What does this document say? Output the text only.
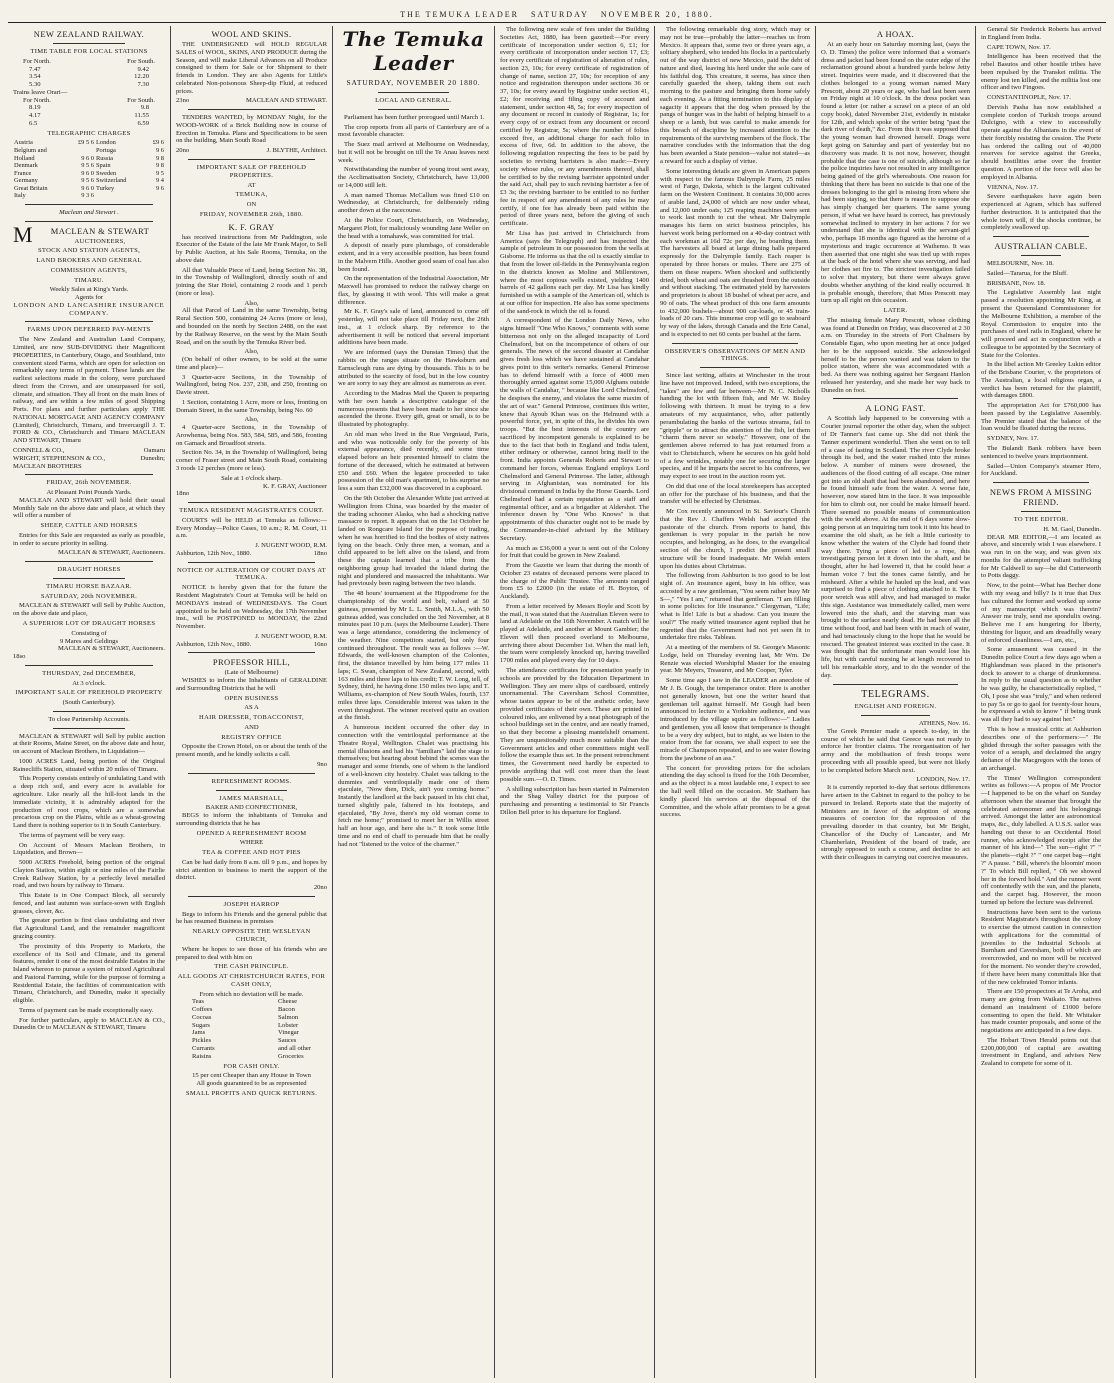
THE TEMUKA LEADER SATURDAY NOVEMBER 20, 1880.
NEW ZEALAND RAILWAY.
TIME TABLE FOR LOCAL STATIONS
For North.	For South.
7.47	9.42
3.54	12.20
5.30	7.30
Trains leave Orari—
For North.	For South.
8.19	9.8
4.17	11.55
6.5	6.59
TELEGRAPHIC CHARGES
Austria	£9 5 6	London	£9 6
Belgium and		Portuga	9 6
Holland	9 6 0	Russia	9 8
Denmark	9 5 6	Spain	9 8
France	9 6 0	Sweden	9 5
Germany	9 5 6	Switzerland	9 4
Great Britain	9 6 0	Turkey	9 6
Italy	9 3 6		
Maclean and Stewart .
M MACLEAN & STEWART
AUCTIONEERS,
STOCK AND STATION AGENTS,
LAND BROKERS AND GENERAL
COMMISSION AGENTS,
TIMARU.
Weekly Sales at King's Yards.
Agents for
LONDON AND LANCASHIRE INSURANCE COMPANY.
FARMS UPON DEFERRED PAY-MENTS

The New Zealand and Australian Land Company, Limited, are now SUB-DIVIDING their Magnificent PROPERTIES, in Canterbury, Otago, and Southland, into convenient sized Farms, which are open for selection on remarkably easy terms of payment. These lands are the earliest selections made in the colony, were purchased direct from the Crown, and are unsurpassed for soil, climate, and situation. They all front on the main lines of railway, and are within a few miles of good Shipping Ports. For plans and further particulars apply THE NATIONAL MORTGAGE AND AGENCY COMPANY (Limited), Christchurch, Timaru, and Invercargill J. T. FORD & CO., Christchurch and Timaru MACLEAN AND STEWART, Timaru

CONNELL & CO.,	Oamaru
WRIGHT, STEPHENSON & CO.,	Dunedin;
MACLEAN BROTHERS
FRIDAY, 26th NOVEMBER.
At Pleasant Point Pounds Yards.

MACLEAN AND STEWART will hold their usual Monthly Sale on the above date and place, at which they will offer a number of

SHEEP, CATTLE AND HORSES

Entries for this Sale are requested as early as possible, in order to secure priority in selling.

MACLEAN & STEWART, Auctioneers.
DRAUGHT HORSES
TIMARU HORSE BAZAAR.
SATURDAY, 20th NOVEMBER.

MACLEAN & STEWART will Sell by Public Auction, on the above date and place,

A SUPERIOR LOT OF DRAUGHT HORSES
Consisting of
9 Mares and Geldings
MACLEAN & STEWART, Auctioneers.
18so
THURSDAY, 2nd DECEMBER,
At 3 o'clock.
IMPORTANT SALE OF FREEHOLD PROPERTY
(South Canterbury).
To close Partnership Accounts.

MACLEAN & STEWART will Sell by public auction at their Rooms, Maine Street, on the above date and hour, on account of Maclean Brothers, in Liquidation—

1000 ACRES Land, being portion of the Original Rainecliffs Station, situated within 20 miles of Timaru.

This Property consists entirely of undulating Land with a deep rich soil, and every acre is available for agriculture. Like nearly all the hill-foot lands in the immediate vicinity, it is admirably adapted for the production of root crops, which are a somewhat precarious crop on the Plains, while as a wheat-growing Land there is nothing superior to it in South Canterbury.

The terms of payment will be very easy.

On Account of Messrs Maclean Brothers, in Liquidation, and Brown—

5000 ACRES Freehold, being portion of the original Clayton Station, within eight or nine miles of the Fairlie Creek Railway Station, by a perfectly level metalled road, and two hours by railway to Timaru.

This Estate is in One Compact Block, all securely fenced, and last autumn was surface-sown with English grasses, clover, &c.

The greater portion is first class undulating and river flat Agricultural Land, and the remainder magnificent grazing country.

The proximity of this Property to Markets, the excellence of its Soil and Climate, and its general features, render it one of the most desirable Estates in the Island whereon to pursue a system of mixed Agricultural and Pastoral Farming, while for the purpose of forming a Residential Estate, the facilities of communication with Timaru, Christchurch, and Dunedin, make it specially eligible.

Terms of payment can be made exceptionally easy.

For further particulars, apply to MACLEAN & CO., Dunedin Or to MACLEAN & STEWART, Timaru

WOOL AND SKINS.

THE UNDERSIGNED will HOLD REGULAR SALES of WOOL, SKINS, AND PRODUCE during the Season, and will make Liberal Advances on all Produce consigned to them for Sale or for Shipment to their friends in London. They are also Agents for Little's celebrated Non-poisonous Sheep-dip Fluid, at reduced prices.

23no	MACLEAN AND STEWART.

TENDERS WANTED, by MONDAY Night, for the WOOD-WORK of a Brick Building now in course of Erection in Temuka. Plans and Specifications to be seen on the building, Main South Road

20no	J. BLYTHE, Architect.
IMPORTANT SALE OF FREEHOLD PROPERTIES.
AT
TEMUKA,
ON
FRIDAY, NOVEMBER 26th, 1880.
K. F. GRAY

has received instructions from Mr Paddington, sole Executor of the Estate of the late Mr Frank Major, to Sell by Public Auction, at his Sale Rooms, Temuka, on the above date

All that Valuable Piece of Land, being Section No. 38, in the Township of Wallingford, directly south of and joining the Star Hotel, containing 2 roods and 1 perch (more or less).

Also,

All that Parcel of Land in the same Township, being Rural Section 500, containing 24 Acres (more or less), and bounded on the north by Section 2488, on the east by the Railway Reserve, on the west by the Main South Road, and on the south by the Temuka River bed.

Also,

(On behalf of other owners, to be sold at the same time and place)—

3 Quarter-acre Sections, in the Township of Wallingford, being Nos. 237, 238, and 250, fronting on Davie street.

1 Section, containing 1 Acre, more or less, fronting on Domain Street, in the same Township, being No. 60

Also,

4 Quarter-acre Sections, in the Township of Arowhenua, being Nos. 583, 584, 585, and 586, fronting on Gamack and Broadfoot streets.

Section No. 34, in the Township of Wallingford, being corner of Fraser street and Main South Road, containing 3 roods 12 perches (more or less).

Sale at 1 o'clock sharp.
K. F. GRAY, Auctioneer
18no
TEMUKA RESIDENT MAGISTRATE'S COURT.

COURTS will be HELD at Temuka as follows:— Every Monday—Police Cases, 10 a.m.; R. M. Court, 11 a.m.

J. NUGENT WOOD, R.M.
Ashburton, 12th Nov., 1880.	18no
NOTICE OF ALTERATION OF COURT DAYS AT TEMUKA.

NOTICE is hereby given that for the future the Resident Magistrate's Court at Temuka will be held on MONDAYS instead of WEDNESDAYS. The Court appointed to be held on Wednesday, the 17th November inst., will be POSTPONED to MONDAY, the 22nd November.

J. NUGENT WOOD, R.M.
Ashburton, 12th Nov., 1880.	16no
PROFESSOR HILL,
(Late of Melbourne)

WISHES to inform the Inhabitants of GERALDINE and Surrounding Districts that he will

OPEN BUSINESS
AS A
HAIR DRESSER, TOBACCONIST,
AND
REGISTRY OFFICE

Opposite the Crown Hotel, on or about the tenth of the present month, and he kindly solicits a call.

9no
REFRESHMENT ROOMS.
JAMES MARSHALL,
BAKER AND CONFECTIONER,

BEGS to inform the inhabitants of Temuka and surrounding districts that he has

OPENED A REFRESHMENT ROOM
WHERE
TEA & COFFEE AND HOT PIES

Can be had daily from 8 a.m. till 9 p.m., and hopes by strict attention to business to merit the support of the district.

20no
JOSEPH HARROP

Begs to inform his Friends and the general public that he has resumed Business in premises

NEARLY OPPOSITE THE WESLEYAN CHURCH,

Where he hopes to see those of his friends who are prepared to deal with him on

THE CASH PRINCIPLE.
ALL GOODS AT CHRISTCHURCH RATES, FOR CASH ONLY,
From which no deviation will be made.
Teas
Coffees
Cocoas
Sugars
Jams
Pickles
Currants
Raisins
Cheese
Bacon
Salmon
Lobster
Vinegar
Sauces
and all other
Groceries
FOR CASH ONLY.
15 per cent Cheaper than any House in Town
All goods guaranteed to be as represented
SMALL PROFITS AND QUICK RETURNS.
The Temuka Leader
SATURDAY, NOVEMBER 20 1880.
LOCAL AND GENERAL.

Parliament has been further prorogued until March 1.

The crop reports from all parts of Canterbury are of a most favorable character.

The Suez mail arrived at Melbourne on Wednesday, but it will not be brought on till the Te Anau leaves next week.

Notwithstanding the number of young trout sent away, the Acclimatisation Society, Christchurch, have 13,000 or 14,000 still left.

A man named Thomas McCallum was fined £10 on Wednesday, at Christchurch, for deliberately riding another down at the racecourse.

At the Police Court, Christchurch, on Wednesday, Margaret Plott, for maliciously wounding Jane Weller on the head with a tomahawk, was committed for trial.

A deposit of nearly pure plumbago, of considerable extent, and in a very accessible position, has been found in the Malvern Hills. Another good seam of coal has also been found.

On the representation of the Industrial Association, Mr Maxwell has promised to reduce the railway charge on flax, by glassing it with wool. This will make a great difference.

Mr K. F. Gray's sale of land, announced to come off yesterday, will not take place till Friday next, the 26th inst., at 1 o'clock sharp. By reference to the advertisement it will be noticed that several important additions have been made.

We are informed (says the Dunstan Times) that the rabbits on the ranges situate on the Hawksburn and Earnscleugh runs are dying by thousands. This is to be attributed to the scarcity of food, but in the low country we are sorry to say they are almost as numerous as ever.

According to the Madras Mail the Queen is preparing with her own hands a descriptive catalogue of the numerous presents that have been made to her since she ascended the throne. Every gift, great or small, is to be illustrated by photography.

An old man who lived in the Rue Vergniaud, Paris, and who was noticeable only for the poverty of his external appearance, died recently, and some time elapsed before an heir presented himself to claim the fortune of the deceased, which he estimated at between £50 and £60. When the legatee proceeded to take possession of the old man's apartment, to his surprise no less a sum than £32,000 was discovered in a cupboard.

On the 9th October the Alexander White just arrived at Wellington from China, was boarded by the master of the trading schooner Alaska, who had a shocking native massacre to report. It appears that on the 1st October he landed on Rongcare Island for the purpose of trading, when he was horrified to find the bodies of sixty natives lying on the beach. Only three men, a woman, and a child appeared to be left alive on the island, and from these the captain learned that a tribe from the neighboring group had invaded the island during the night and plundered and massacred the inhabitants. War had previously been raging between the two islands.

The 48 hours' tournament at the Hippodrome for the championship of the world and belt, valued at 50 guineas, presented by Mr L. L. Smith, M.L.A., with 50 guineas added, was concluded on the 3rd November, at 8 minutes past 10 p.m. (says the Melbourne Leader). There was a large attendance, considering the inclemency of the weather. Nine competitors started, but only four continued throughout. The result was as follows :—W. Edwards, the well-known champion of the Colonies, first, the distance travelled by him being 177 miles 11 laps; C. Swan, champion of New Zealand, second, with 163 miles and three laps to his credit; T. W. Long, tell, of Sydney, third, he having done 150 miles two laps; and T. Williams, ex-champion of New South Wales, fourth, 137 miles three laps. Considerable interest was taken in the event throughout. The winner received quite an ovation at the finish.

A humorous incident occurred the other day in connection with the ventriloquial performance at the Theatre Royal, Wellington. Chalet was practising his mental illusions and had his "familiars" laid the stage to themselves; but hearing about behind the scenes was the manager and some friends, one of whom is the landlord of a well-known city hostelry. Chalet was talking to the dummies and ventriloquially made one of them ejaculate, "Now then, Dick, ain't you coming home." Instantly the landlord at the back paused in his chit chat, turned slightly pale, faltered in his footsteps, and ejaculated, "By Jove, there's my old woman come to fetch me home;" promised to meet her in Willis street half an hour ago, and here she is." It took some little time and no end of chaff to persuade him that he really had not "listened to the voice of the charmer."

The following new scale of fees under the Building Societies Act, 1880, has been gazetted:—For every certificate of incorporation under section 6, £1; for every certificate of incorporation under section 17, £3; for every certificate of registration of alteration of rules, section 23, 10s; for every certificate of registration of change of name, section 27, 10s; for reception of any notice and registration thereupon under sections 36 or 37, 10s; for every award by Registrar under section 41, £2; for receiving and filing copy of account and statement, under section 48, 5s; for every inspection of any document or record in custody of Registrar, 1s; for every copy of or extract from any document or record certified by Registrar, 5s; where the number of folios exceed five, an additional charge for each folio in excess of five, 6d. In addition to the above, the following regulation respecting the fees to be paid by societies to revising barristers is also made:—Every society whose rules, or any amendments thereof, shall be certified to by the revising barrister appointed under the said Act, shall pay to such revising barrister a fee of £3 3s; the revising barrister to be entitled to no further fee in respect of any amendment of any rules he may certify, if one fee has already been paid within the period of three years next, before the giving of such certificate.

Mr Lisa has just arrived in Christchurch from America (says the Telegraph) and has inspected the sample of petroleum in our possession from the wells at Gisborne. He informs us that the oil is exactly similar to that from the lower oil-fields in the Pennsylvania region in the districts known as Moline and Millerstown, where the most copious wells existed, yielding 1400 barrels of 42 gallons each per day. Mr Lisa has kindly furnished us with a sample of the American oil, which is at our office for inspection. He also has some specimens of the sand-rock in which the oil is found.

A correspondent of the London Daily News, who signs himself "One Who Knows," comments with some bitterness not only on the alleged incapacity of Lord Chelmsford, but on the incompetence of others of our generals. The news of the second disaster at Candahar gives fresh loss which we have sustained at Candahar gives point to this writer's remarks. General Primrose has to defend himself with a force of 4000 men thoroughly armed against some 15,000 Afghans outside the walls of Candahar, " because like Lord Chelmsford, he despises the enemy, and violates the same maxim of the art of war." General Primrose, continues this writer, knew that Ayoub Khan was on the Helmund with a powerful force, yet, in spite of this, he divides his own troops. "But the best interests of the country are sacrificed by incompetent generals is explained to be due to the fact that both in England and India talent, either ordinary or otherwise, cannot bring itself to the front. India appoints Generals Roberts and Stewart to command her forces, whereas England employs Lord Chelmsford and General Primrose. The latter, although serving in Afghanistan, was nominated for his divisional command in India by the Horse Guards. Lord Chelmsford had a certain reputation as a staff and regimental officer, and as a brigadier at Aldershot. The inference drawn by "One Who Knows" is that appointments of this character ought not to be made by the Commander-in-chief advised by the Military Secretary.

As much as £36,000 a year is sent out of the Colony for fruit that could be grown in New Zealand.

From the Gazette we learn that during the month of October 23 estates of deceased persons were placed in the charge of the Public Trustee. The amounts ranged from £5 to £2000 (in the estate of H. Boyton, of Auckland).

From a letter received by Messrs Boyle and Scott by the mail, it was stated that the Australian Eleven were to land at Adelaide on the 16th November. A match will be played at Adelaide, and another at Mount Gambier; the Eleven will then proceed overland to Melbourne, arriving there about December 1st. When the mail left, the team were completely knocked up, having travelled 1700 miles and played every day for 10 days.

The attendance certificates for presentation yearly in schools are provided by the Education Department in Wellington. They are mere slips of cardboard, entirely unornamental. The Caversham School Committee, whose tastes appear to be of the æsthetic order, have provided certificates of their own. These are printed in coloured inks, are enlivened by a neat photograph of the school buildings set in the centre, and are neatly framed, so that they become a pleasing mantelshelf ornament. They are unquestionably much more suitable than the Government articles and other committees might well follow the example thus set. In the present retrenchment times, the Government need hardly be expected to provide anything that will cost more than the least possible sum.—O. D. Times.

A shilling subscription has been started in Palmerston and the Shag Valley district for the purpose of purchasing and presenting a testimonial to Sir Francis Dillon Bell prior to his departure for England.

The following remarkable dog story, which may or may not be true—probably the latter—reaches us from Mexico. It appears that, some two or three years ago, a solitary shepherd, who tended his flocks in a particularly out of the way district of new Mexico, paid the debt of nature and died, leaving his herd under the sole care of his faithful dog. This creature, it seems, has since then carefully guarded the sheep, taking them out each morning to the pasture and bringing them home safely each evening. As a fitting termination to this display of sagacity it appears that the dog when pressed by the pangs of hunger was in the habit of helping himself to a sheep or a lamb, but was careful to make amends for this breach of discipline by increased attention to the requirements of the surviving members of the flock. The narrative concludes with the information that the dog has been awarded a State pension—value not stated—as a reward for such a display of virtue.

Some interesting details are given in American papers with respect to the famous Dalrymple Farm, 25 miles west of Fargo, Dakota, which is the largest cultivated farm on the Western Continent. It contains 30,000 acres of arable land, 24,000 of which are now under wheat, and 12,000 under oats; 125 reaping machines were sent to work last month to cut the wheat. Mr Dalrymple manages his farm on strict business principles, his harvest work being performed on a 40-day contract with each workman at 16d 72c per day, he boarding them. The harvesters all board at large dining halls prepared expressly for the Dalrymple family. Each reaper is operated by three horses or mules. There are 275 of them on these reapers. When shocked and sufficiently dried, both wheat and oats are thrashed from the outside and without stacking. The estimated yield by harvesters and proprietors is about 18 bushel of wheat per acre, and 90 of oats. The wheat product of this one farm amounts to 432,000 bushels—about 900 car-loads, or 45 train-loads of 20 cars. This immense crop will go to seaboard by way of the lakes, through Canada and the Erie Canal, and is expected to net 60 cents per bushel at the farm.

OBSERVER'S OBSERVATIONS OF MEN AND THINGS.

Since last writing, affairs at Winchester in the trout line have not improved. Indeed, with two exceptions, the "takes" are few and far between—Mr N. C. Nicholls handing the lot with fifteen fish, and Mr W. Bisley following with thirteen. It must be trying to a few amateurs of my acquaintance, who, after patiently perambulating the banks of the various streams, fail to "gripple" or to attract the attention of the fish, let them "charm them never so wisely." However, one of the gentlemen above referred to has just returned from a visit to Christchurch, where he secures on his gold hold of a few wrinkles, notably one for securing the larger species, and if he imparts the secret to his confreres, we may expect to see trout in the auction room yet.

On did that one of the local storekeepers has accepted an offer for the purchase of his business, and that the transfer will be effected by Christmas.

Mr Cox recently announced in St. Saviour's Church that the Rev J. Chaffers Welsh had accepted the pastorate of the church. From reports to hand, this gentleman is very popular in the parish he now occupies, and belonging, as he does, to the evangelical section of the church, I predict the present small structure will be found inadequate. Mr Welsh enters upon his duties about Christmas.

The following from Ashburton is too good to be lost sight of. An insurance agent, busy in his office, was accosted by a raw gentleman, "You seem rather busy Mr S—," "Yes I am," returned that gentleman. "I am filling in some policies for life insurance." Clergyman, "Life; what is life! Life is but a shadow. Can you insure the soul?" The ready witted insurance agent replied that he regretted that the Government had not yet seen fit to undertake fire risks. Tableau.

At a meeting of the members of St. George's Masonic Lodge, held on Thursday evening last, Mr Wm. De Renzie was elected Worshipful Master for the ensuing year. Mr Meyers, Treasurer, and Mr Cooper, Tyler.

Some time ago I saw in the LEADER an anecdote of Mr J. B. Gough, the temperance orator. Here is another not generally known, but one the writer heard that gentleman tell against himself. Mr Gough had been announced to lecture to a Yorkshire audience, and was introduced by the village squire as follows:—" Ladies and gentlemen, you all know that temperance is thought to be a very dry subject, but to night, as we listen to the orator from the far oceans, we shall expect to see the miracle of Champson repeated, and to see water flowing from the jawbone of an ass."

The concert for providing prizes for the scholars attending the day school is fixed for the 16th December, and as the object is a most laudable one, I expect to see the hall well filled on the occasion. Mr Statham has kindly placed his services at the disposal of the Committee, and the whole affair promises to be a great success.

A HOAX.

At an early hour on Saturday morning last, (says the O. D. Times) the police were informed that a woman's dress and jacket had been found on the outer edge of the reclamation ground about a hundred yards below Jetty street. Inquiries were made, and it discovered that the clothes belonged to a young woman named Mary Prescott, about 20 years or age, who had last been seen on Friday night at 10 o'clock. In the dress pocket was found a letter (or rather a scrawl on a piece of an old copy book), dated November 21st, evidently in mistake for 12th, and which spoke of the writer being "past the dark river of death," &c. From this it was supposed that the young woman had drowned herself. Drags were kept going on Saturday and part of yesterday but no discovery was made. It is not now, however, thought probable that the case is one of suicide, although so far the police inquiries have not resulted in any intelligence being gained of the girl's whereabouts. One reason for thinking that there has been no suicide is that one of the dresses belonging to the girl is missing from where she had been staying, so that there is reason to suppose she has simply changed her quarters. The same young person, if what we have heard is correct, has previously somewhat inclined to mystery in her actions ? for we understand that she is identical with the servant-girl who, perhaps 18 months ago figured as the heroine of a mysterious and tragic occurrence at Waihemo. It was then asserted that one night she was tied up with ropes at the back of the hotel where she was serving, and had her clothes set fire to. The strictest investigation failed to solve that mystery, but there were always grave doubts whether anything of the kind really occurred. It is probable enough, therefore, that Miss Prescott may turn up all right on this occasion.

LATER.

The missing female Mary Prescott, whose clothing was found at Dunedin on Friday, was discovered at 2 30 a.m. on Thursday in the streets of Port Chalmers by Constable Egan, who upon meeting her at once judged her to be the supposed suicide. She acknowledged herself to be the person wanted and was taken to the police station, where she was accommodated with a bed. As there was nothing against her Sergeant Hanlon released her yesterday, and she made her way back to Dunedin on foot.

A LONG FAST.

A Scottish lady happened to be conversing with a Courier journal reporter the other day, when the subject of Dr Tanner's fast came up. She did not think the Tanner experiment wonderful. Then she went on to tell of a case of fasting in Scotland. The river Clyde broke through its bed, and the water rushed into the mines below. A number of miners were drowned, the audiences of the flood cutting of all escape. One miner got into an old shaft that had been abandoned, and here he found himself safe from the water. A worse fate, however, now stared him in the face. It was impossible for him to climb out, nor could he make himself heard. There seemed no possible means of communication with the world above. At the end of 6 days some slow-going person at an inquiring turn took it into his head to examine the old shaft, as he felt a little curiosity to know whether the waters of the Clyde had found their way there. Tying a piece of led to a rope, this investigating person let it down into the shaft, and he thought, after he had lowered it, that he could hear a human voice ? but the tones came faintly, and he misheard. After a while he hauled up the lead, and was surprised to find a piece of clothing attached to it. The poor wretch was still alive, and had managed to make this sign. Assistance was immediately called, men were lowered into the shaft, and the starving man was brought to the surface nearly dead. He had been all the time without food, and had been with in reach of water, and had tenaciously clung to the hope that he would be rescued. The greatest interest was excited in the case. It was thought that the unfortunate man would lose his life, but with careful nursing he at length recovered to tell his remarkable story, and to do the wonder of the day.

TELEGRAMS.
ENGLISH AND FOREIGN.
ATHENS, Nov. 16.

The Greek Premier made a speech to-day, in the course of which he said that Greece was not ready to enforce her frontier claims. The reorganisation of her army and the mobilisation of fresh troops were proceeding with all possible speed, but were not likely to be completed before March next.

LONDON, Nov. 17.

It is currently reported to-day that serious differences have arisen in the Cabinet in regard to the policy to be pursued in Ireland. Reports state that the majority of Ministers are in favor of the adoption of strong measures of coercion for the repression of the prevailing disorder in that country, but Mr Bright, Chancellor of the Duchy of Lancaster, and Mr Chamberlain, President of the board of trade, are strongly opposed to such a course, and decline to act with their colleagues in carrying out coercive measures.

General Sir Frederick Roberts has arrived in England from India.

CAPE TOWN, Nov. 17.

Intelligence has been received that the rebel Basutos and other hostile tribes have been repulsed by the Transkei militia. The enemy lost ten killed, and the militia lost one officer and two Fingoes.

CONSTANTINOPLE, Nov. 17.

Dervish Pasha has now established a complete cordon of Turkish troops around Dulcigno, with a view to successfully operate against the Albanians in the event of their forcibly resisting the cession. The Porte has ordered the calling out of 40,000 reserves for service against the Greeks, should hostilities arise over the frontier question. A portion of the force will also be employed in Albania.

VIENNA, Nov. 17.

Severe earthquakes have again been experienced at Agram, which has suffered further destruction. It is anticipated that the whole town will, if the shocks continue, be completely swallowed up.

AUSTRALIAN CABLE.

MELBOURNE, Nov. 18.

Sailed—Tararua, for the Bluff.

BRISBANE, Nov. 18.

The Legislative Assembly last night passed a resolution appointing Mr King, at present the Queensland Commissioner for the Melbourne Exhibition, a member of the Royal Commission to enquire into the purchases of steel rails in England, where he will proceed and act in conjunction with a colleague to be appointed by the Secretary of State for the Colonies.

In the libel action Mr Greeley Lukin editor of the Brisbane Courier, v. the proprietors of The Australian, a local religious organ, a verdict has been returned for the plaintiff, with damages £800.

The appropriation Act for £760,000 has been passed by the Legislative Assembly. The Premier stated that the balance of the loan would be floated during the recess.

SYDNEY, Nov. 17.

The Bulandi Bank robbers have been sentenced to twelve years imprisonment.

Sailed—Union Company's steamer Hero, for Auckland.

NEWS FROM A MISSING FRIEND.
TO THE EDITOR.
H. M. Gaol, Dunedin.

DEAR MR EDITOR,—I am located as above, and sincerely wish I was elsewhere. I was run in on the way, and was given six months for the attempted valiant trafficking for Mr Caldwell to say—he did Cutterworth to Potts daggy.

Now, to the point—What has Becher done with my swag and billy? Is it true that Dux has cultured the former and worked up some of my manuscript which was therein? Answer me truly, send me spondulix owing. Believe me I am hungering for liberty, thirsting for liquor, and am dreadfully weary of enforced cleanliness.—I am, etc.,

Some amusement was caused in the Dunedin police Court a few days ago when a Highlandman was placed in the prisoner's dock to answer to a charge of drunkenness. In reply to the usual question as to whether he was guilty, he characteristically replied, " Oh, I pose she was "truly," and when ordered to pay 5s or go to gaol for twenty-four hours, he expressed a wish to know " if being trunk was all they had to say against her."

This is how a musical critic at Ashburton describes one of the performers:—" He glided through the softer passages with the voice of a seraph, and declaimed the angry defiance of the Macgregors with the tones of an archangel.

The Times' Wellington correspondent writes as follows:—A propos of Mr Proctor—I happened to be on the wharf on Sunday afternoon when the steamer that brought the celebrated astronomer and his belongings arrived. Amongst the latter are astronomical maps, &c., duly labelled. A U.S.S. sailor was handing out these to an Occidental Hotel runner, who acknowledged receipt after the manner of his kind—" The sun—right ?" " the planets—right ?" " one carpet bag—right ?" A pause. " Bill, where's the bloomin' moon ?" To which Bill replied, " Oh we showed her in the forwrd hold." And the runner went off contentedly with the sun, and the planets, and the carpet bag. However, the moon turned up before the lecture was delivered.

Instructions have been sent to the various Resident Magistrate's throughout the colony to exercise the utmost caution in connection with applications for the committal of juveniles to the Industrial Schools at Burnham and Caversham, both of which are overcrowded, and no more will be received for the moment. No wonder they're crowded, if there have been many committals like that of the new celebrated Tomor infants.

There are 150 prospectors at Te Aroha, and many are going from Waikato. The natives demand an instalment of £1000 before consenting to open the field. Mr Whitaker has made counter proposals, and some of the negotiations are anticipated in a few days.

The Hobart Town Herald points out that £200,000,000 of capital are awaiting investment in England, and advises New Zealand to compete for some of it.
